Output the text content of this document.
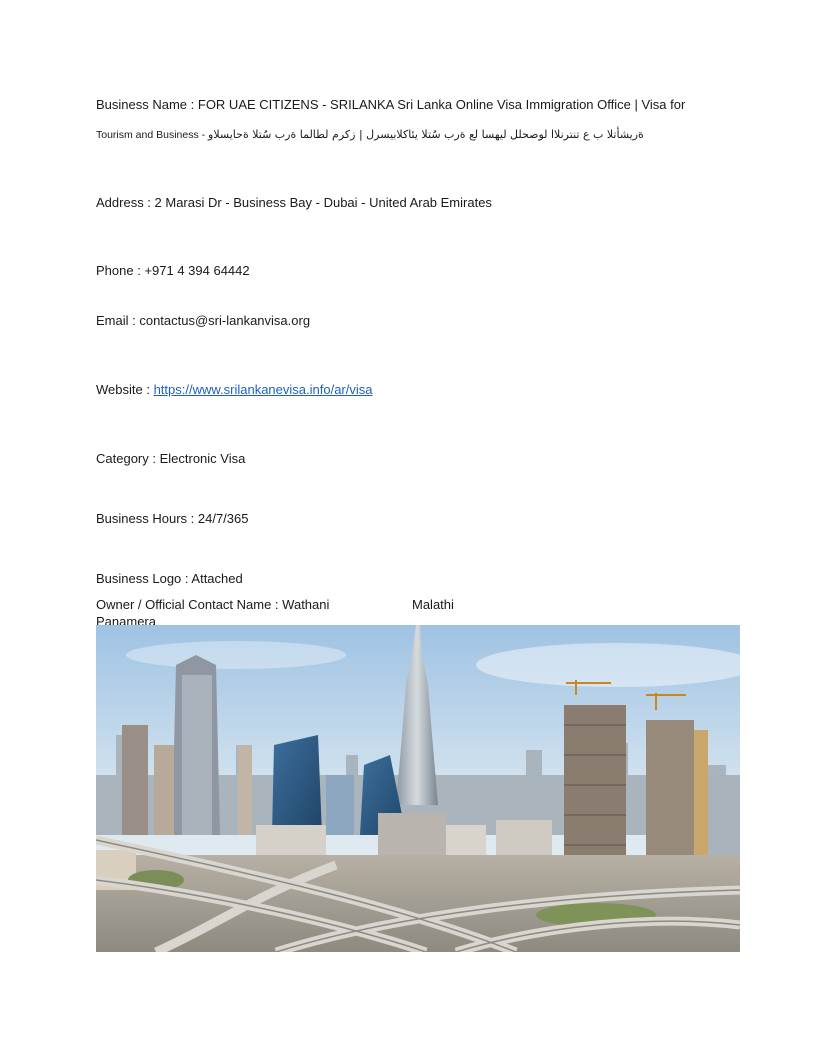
Business Name : FOR UAE CITIZENS - SRILANKA Sri Lanka Online Visa Immigration Office | Visa for
Tourism and Business - ةريشأتلا ب ع تنترنلاا لوصحلل ليهسا لع ةرب سُتلا يئاكلابيسرل | زكرم لطالما ةرب سُتلا ةحايسلاو
Address : 2 Marasi Dr - Business Bay - Dubai - United Arab Emirates
Phone : +971 4 394 64442
Email : contactus@sri-lankanvisa.org
Website : https://www.srilankanevisa.info/ar/visa
Category : Electronic Visa
Business Hours : 24/7/365
Business Logo : Attached
Owner / Official Contact Name : Wathani	Malathi
Panamera
